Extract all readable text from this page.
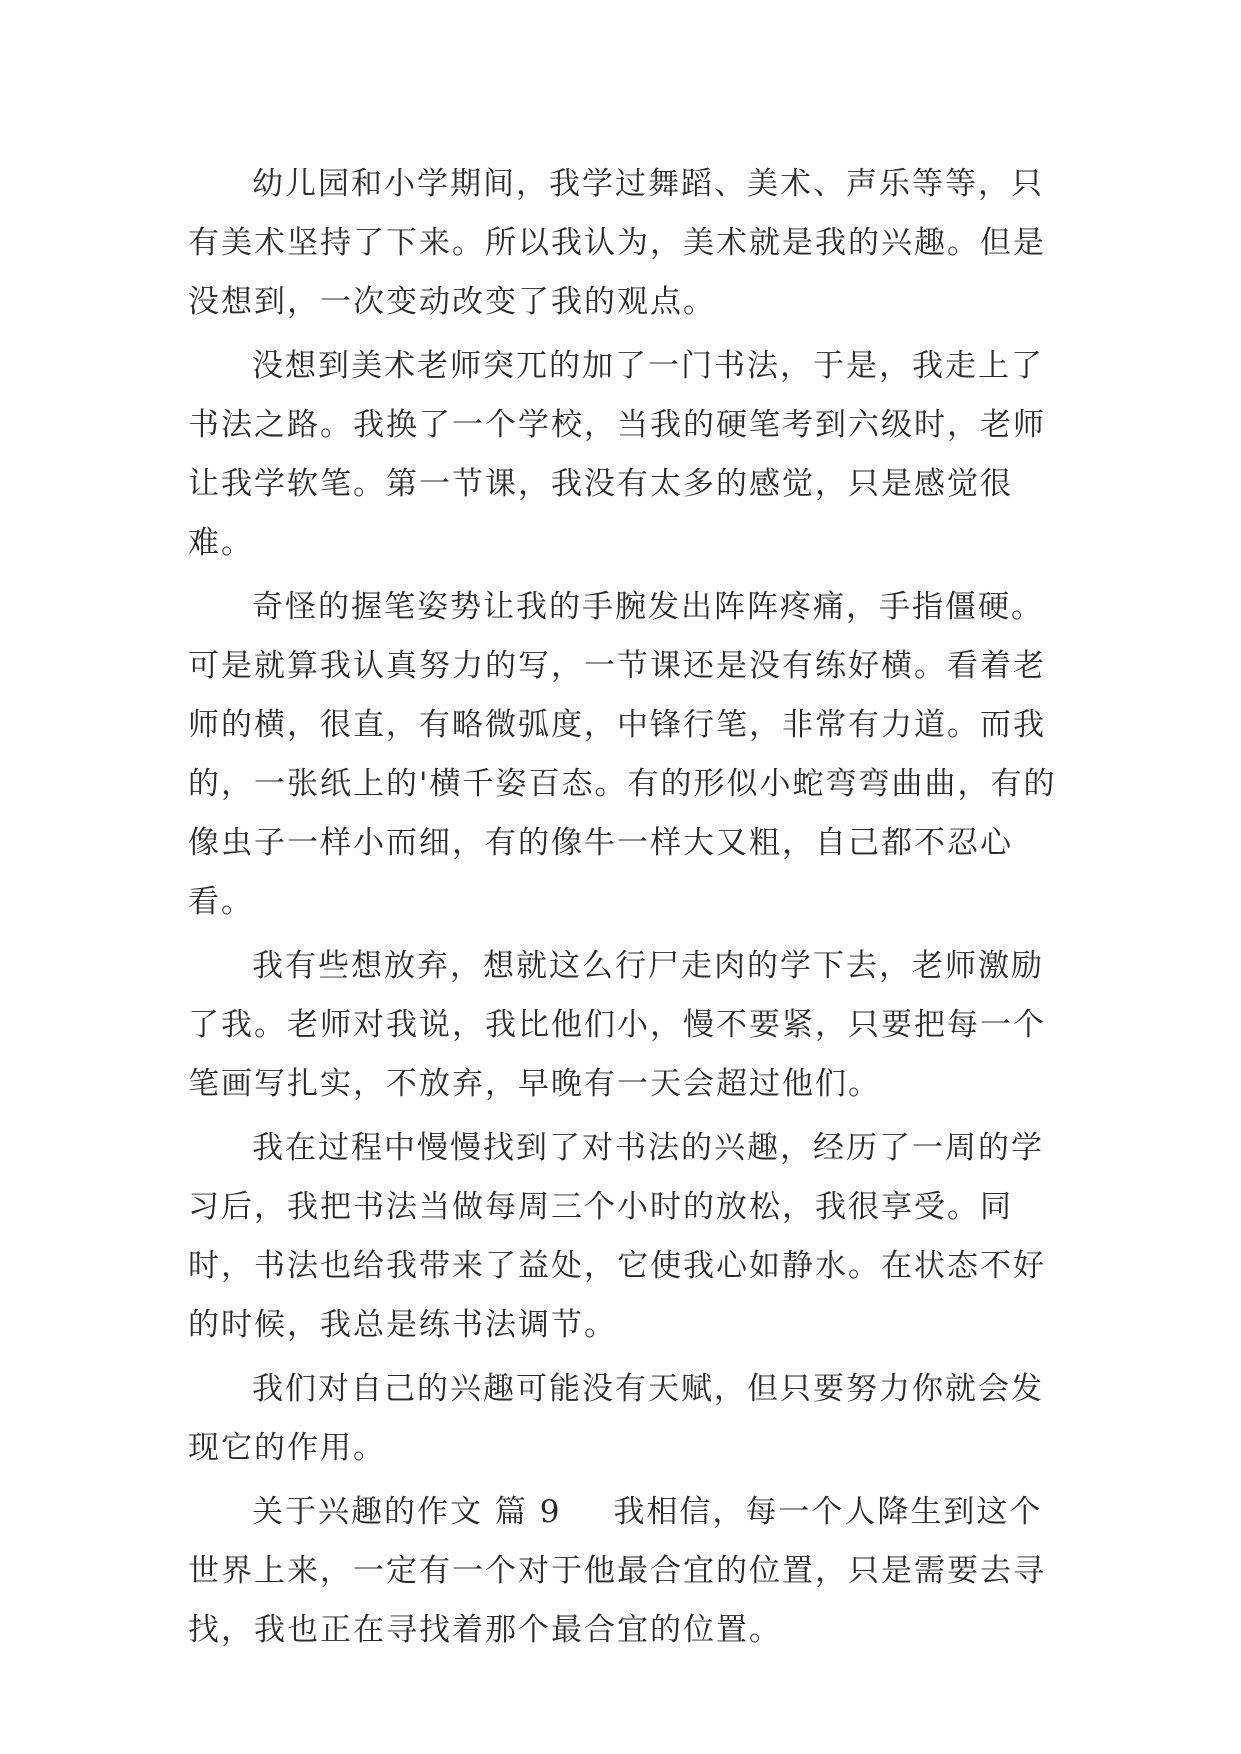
幼儿园和小学期间，我学过舞蹈、美术、声乐等等，只有美术坚持了下来。所以我认为，美术就是我的兴趣。但是没想到，一次变动改变了我的观点。

没想到美术老师突兀的加了一门书法，于是，我走上了书法之路。我换了一个学校，当我的硬笔考到六级时，老师让我学软笔。第一节课，我没有太多的感觉，只是感觉很难。

奇怪的握笔姿势让我的手腕发出阵阵疼痛，手指僵硬。可是就算我认真努力的写，一节课还是没有练好横。看着老师的横，很直，有略微弧度，中锋行笔，非常有力道。而我的，一张纸上的'横千姿百态。有的形似小蛇弯弯曲曲，有的像虫子一样小而细，有的像牛一样大又粗，自己都不忍心看。

我有些想放弃，想就这么行尸走肉的学下去，老师激励了我。老师对我说，我比他们小，慢不要紧，只要把每一个笔画写扎实，不放弃，早晚有一天会超过他们。

我在过程中慢慢找到了对书法的兴趣，经历了一周的学习后，我把书法当做每周三个小时的放松，我很享受。同时，书法也给我带来了益处，它使我心如静水。在状态不好的时候，我总是练书法调节。

我们对自己的兴趣可能没有天赋，但只要努力你就会发现它的作用。

关于兴趣的作文 篇 9 我相信，每一个人降生到这个世界上来，一定有一个对于他最合宜的位置，只是需要去寻找，我也正在寻找着那个最合宜的位置。
